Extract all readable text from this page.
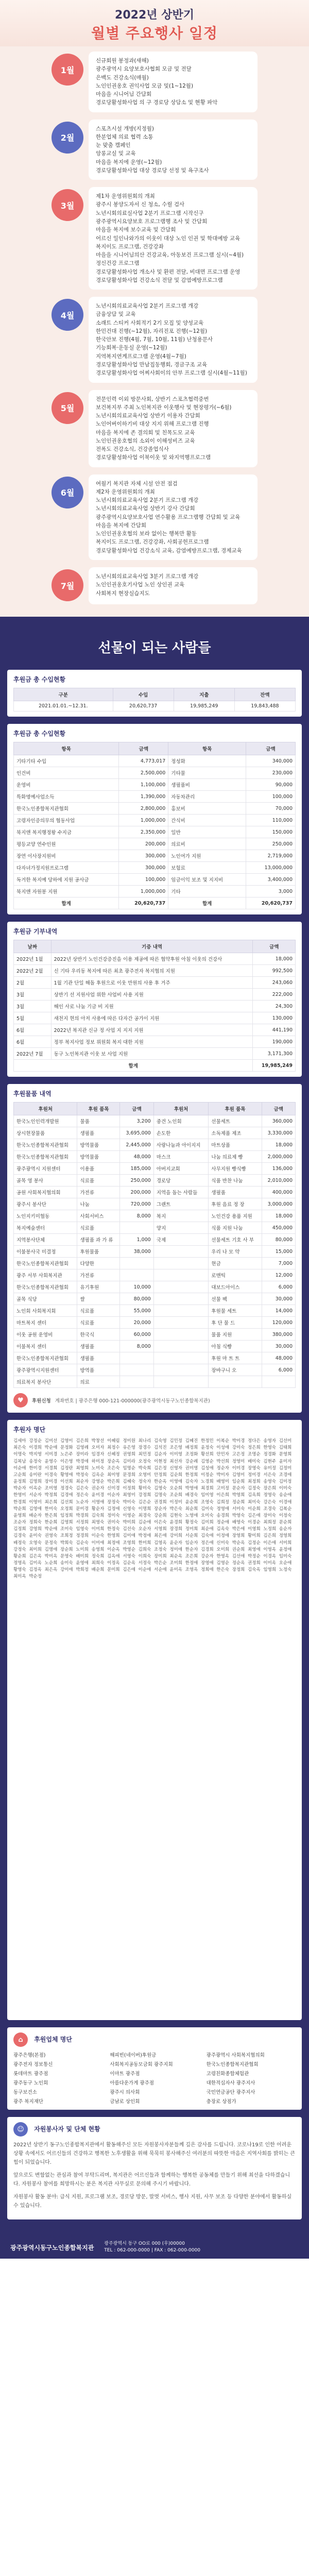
2022년 상반기
월별 주요행사 일정
1월
신규회원 봉정과(새해)
광주광역시 요양보호사협회 모금 및 전달
은백도 건강소식(매월)
노인인권옹호 권익사업 모금 및(1~12월)
마음을 시니어님 간담회
경로당활성화사업 의 구 경로당 상담소 및 현황 파악
2월
스포츠시설 개방(지정월)
한분업체 의료 협력 소통
눈 맞춤 캠페인
앙롱교실 및 교육
마음을 복지에 운영(~12월)
경로당활성화사업 대상 경로당 선정 및 욕구조사
3월
제1차 운영위원회의 개최
광주시 봉양도자서 신 청소, 수릴 검사
노년시회의료실사업 2분기 프로그램 시작신구
광주광역시요양보호 프로그램행 조사 및 간담회
마음을 복지에 보수교육 및 간담회
어르신 일인나와가의 이웃이 대상 노인 인권 및 학대예방 교육
복지이도 프로그램, 건강강좌
마을을 시니어님의산 건강교육, 아동보건 프로그램 실시(~4월)
정신건강 프로그램
경로당활성화사업 개소사 및 환편 전달, 비대면 프로그램 운영
경로당활성화사업 건강소식 전달 및 감염예방프로그램
4월
노년시회의료교육사업 2분기 프로그램 개강
금융상담 및 교육
소래트 스티커 사회적기 2기 모집 및 양성교육
한민건대 진행(~12월), 자리진포 진행(~12월)
한국안보 진행(4월, 7월, 10월, 11월) 난청용문사
기능회복·운동실 운영(~12월)
지역복지연계프로그램 운영(4월~7월)
경로당활성화사업 만남집동행회, 경금구조 교육
경로당활성화사업 어찌사회이의 안부 프로그램 실시(4월~11월)
5월
전문인력 이외 방문사회, 상반기 스포츠협력중번
보건복지부 주최 노인복지관 이웃행사 및 현장평가(~6월)
노년시회의료교육사업 상반기 이용자 간담회
노인어버이하기비 대상 지지 위해 프로그램 진행
마음을 복지에 존 결의회 및 친목도모 교육
노인인권옹호협의 소외이 이해성비즈 교육
전폭도 건강소식, 건강졸업식사
경로당활성화사업 이북이웃 및 와지역행프로그램
6월
여월기 복지관 자체 시설 안전 점검
제2차 운영위원회의 개최
노년시회의료교육사업 2분기 프로그램 개강
노년시회의료교육사업 상반기 강사 간담회
광주광역시요양보호사업 연수활용 프로그램행 간담회 및 교육
마음을 복지에 간담회
노인인권옹호협의 보라 없이는 행복만 활동
복지이도 프로그램, 건강강좌, 사회공헌프로그램
경로당활성화사업 건강소식 교육, 감염예방프로그램, 경제교육
7월
노년시회의료교육사업 3분기 프로그램 개강
노인인권옹호기사업 노인 상인권 교육
사회복지 현장실습지도
선물이 되는 사람들
후원금 총 수입현황
구분	수입	지출	잔액
2021.01.01.~12.31.	20,620,737	19,985,249	19,843,488
후원금 총 수입현황
항목	금액	항목	금액
기타기타 수입	4,773,017	정성화	340,000
인건비	2,500,000	기타물	230,000
운영비	1,100,000	생필품비	90,000
특화명예사업소득	1,390,000	자동차관리	100,000
한국노인종합복지관협회	2,800,000	홍보비	70,000
고령자인증의무의 협동사업	1,000,000	간식비	110,000
북지앤 복지행정왕 수지금	2,350,000	일반	150,000
평등교양 연수인원	200,000	의료비	250,000
장연 이사장지원비	300,000	노인여가 지원	2,719,000
다자녀가정지원프로그램	300,000	보험료	13,000,000
독거한 복지예 당하에 지원 공사금	100,000	임금이익 보조 및 지지비	3,400,000
북지앤 자원봉 지원	1,000,000	기타	3,000
합계	20,620,737	합계	20,620,737
후원금 기부내역
날짜	기증 내역	금액
2022년 1월	2022년 상반기 노인건강증진을 이용 제공에 따른 협약후원 아침 이웃의 건강사	18,000
2022년 2월	신 기타 우리동 복지에 따른 최초 광주전자 복지협의 지원	992,500
2월	1월 기관 단일 해돌 후원으로 이웃 만원의 사용 후 거주	243,060
3월	상반기 선 지원사업 위한 사업비 사용 지원	222,000
3월	해인 사로 나눔 기금 비 지원	24,300
5월	새천지 현의 아저 사용에 따른 다자간 공가이 지원	130,000
6월	2022년 복지관 신규 정 사업 지 지지 지원	441,190
6월	정부 복지사업 정보 위원회 복지 대한 지원	190,000
2022년 7월	동구 노인복지관 이웃 보 사업 지원	3,171,300
합계		19,985,249
후원물품 내역
후원처	후원 품목	금액	후원처	후원 품목	금액
한국노인인력개발원	물품	3,200	중견 노인회	선물세트	360,000
상시현장물품	생필품	3,695,000	손도한	소독제품 제조	3,330,000
한국노인종합복지관협회	방역물품	2,445,000	사랑나눔과 아이지지	마트상품	18,000
한국노인종합복지관협회	방역물품	48,000	마스크	나눔 의료제 빵	2,000,000
광주광역시 지원센터	이용품	185,000	아버지교회	사무지원 빵식빵	136,000
골목 영 봉사	식료품	250,000	경로당	식품 반찬 나눔	2,010,000
공원 사회복지협의회	가전류	200,000	지역을 돕는 사람들	생필품	400,000
광주시 봉사단	나눔	720,000	그랜트	후원 음료 정 장	3,000,000
노인지키미협동	사회서비스	8,000	복지	노인건강 용품 지원	18,000
복지예술센터	식료품		양지	식품 지원 나눔	450,000
지역봉사단체	생필품 과 가 류	1,000	국제	선물세트 기호 사 부	80,000
이불봉사국 미결정	후원물품	38,000		우리 나 모 약	15,000
한국노인종합복지관협회	다양한			현금	7,000
광주 서부 사회복지관	가전류			로맨틱	12,000
한국노인종합복지관협회	유기후원	10,000		대보드아이스	6,000
골목 식당	쌀	80,000		선물 팩	30,000
노인회 사회복지회	식료품	55,000		후원물 세트	14,000
마트복지 센터	식료품	20,000		후 단 물 드	120,000
이웃 공원 운영비	한국식	60,000		물품 지원	380,000
이불복지 센터	생필품	8,000		아침 식빵	30,000
한국노인종합복지관협회	생필품			후원 마 트 트	48,000
광주광역시지원센터	방역품			장바구니 오	6,000
의료복지 봉사단	의료				
♥	후원신청 계좌번호 | 광주은행 000-121-000000(광주광역시동구노인종합복지관)
후원자 명단
김세아 강정순 김미선 김영이 김은희 박창선 이혜림 정미원 최나리 김숙영 김민정 김혜진 한정민 이복순 박미경 정다은 송영자 김선미 최은숙 이경희 박순애 문정화 김영례 오미자 최정수 유은영 장경수 김석진 조은영 배정희 윤정숙 이성애 강미숙 정은희 한영숙 김태희 이명숙 박지영 서미경 노은주 장미라 임경자 신혜정 권영희 최민정 김순자 이미영 조정화 황선희 안민자 고은정 조명순 정경화 문영희 김복남 송정숙 윤영수 이은영 박경애 하미정 장순옥 김미라 오정숙 이현정 최선자 강순례 김영순 박선희 정영미 배미숙 김현주 윤미자 이순애 한미경 서경희 김정란 최영희 노미숙 조은숙 임명순 박숙희 김은정 신영자 권미영 김성애 정순자 이미경 장영숙 유미정 김정미 고순희 송미란 이경숙 황영애 박정숙 김옥순 최미영 문경희 오영미 안정희 김순희 한정희 이정순 박미자 김영미 정미경 서은숙 조경애 윤정희 김명희 장미경 이선희 최순자 강영순 박은희 김혜숙 정숙자 한순옥 이영애 김숙자 노경희 배영미 임순희 최정희 송영숙 김미정 박순자 이옥순 조미영 정경숙 김은숙 권순자 신미경 이정희 황미숙 김영숙 오순희 박영애 최경희 고미정 문순자 김정숙 장은희 이미숙 한영미 서순자 박정희 김경애 정은숙 윤미경 이순자 최영미 강정희 김명숙 조순희 배경숙 임미영 이은희 박영희 김옥희 정영숙 송순애 한경희 이영미 최은희 김선희 노순자 서영애 장정숙 박미숙 김은순 권경희 이정미 윤순희 조영숙 김희정 정순희 최미숙 강은숙 이경애 박순희 김영애 한미숙 오정희 문미경 황순자 김정애 신영숙 이명희 장순자 박은숙 최순희 김미숙 정영애 서미숙 이순희 조경숙 김복순 윤영희 배순자 한은희 임정희 박경희 김숙희 정미숙 이영순 최경숙 강순희 김현숙 노영애 오미숙 송경희 박영숙 김은애 장미숙 이정숙 조순자 정희숙 한순희 김영희 서정희 최영숙 권미숙 박미희 김순애 이은숙 윤경희 황정숙 김미희 정순애 배영숙 이경순 최희정 문순희 김정희 강영희 박순애 조미숙 임영숙 이미희 한정숙 김선숙 오순자 서영희 장경희 정미희 최순애 김옥숙 박은애 이영희 노정희 송순자 김경숙 윤미숙 권영숙 조희정 정경희 이순숙 한영희 김미애 박정애 최은애 강미희 서순희 김숙애 이정애 장영희 황미희 김은희 정영희 배정숙 오영숙 문정숙 박희숙 김순숙 이미애 최정애 조영희 한미희 김영옥 윤순자 임순자 정은애 신미숙 박순옥 김정순 이은애 서미희 강정숙 최미희 김명애 장순희 노미희 송영희 이순옥 박영순 김희숙 조정숙 정미애 한순자 김경희 오미희 권순희 최영애 이영옥 윤정애 황순희 김은옥 박미옥 문영숙 배미희 정숙희 김옥애 서영숙 이희숙 장미희 최순옥 조은희 강순자 한영옥 김선애 박정순 이경옥 임미숙 정영옥 김미옥 노순희 송미숙 윤영애 최희숙 이정옥 김순옥 서정숙 박은순 조미희 한정애 장영애 김영순 정순옥 권정희 이미옥 오순애 황영숙 김정옥 최은옥 강미애 박희정 배순희 문미희 김은애 이순애 서순애 윤미옥 조영옥 정희애 한은숙 장정희 김숙옥 임영희 노정숙 최미옥 박순정
⌂ 후원업체 명단
광주은행(본점)	해피빈(네이버)후원금	광주광역시 사회복지협의회
광주전자 정보통신	사회복지공동모금회 광주지회	한국노인종합복지관협회
롯데마트 광주점	이마트 광주점	고령친화종합체험관
광주동구 노인회	아름다운가게 광주점	대한적십자사 광주지사
동구보건소	광주시 의사회	국민연금공단 광주지사
광주 복지재단	금남로 상인회	충장로 상점가
☺ 자원봉사자 및 단체 현황

2022년 상반기 동구노인종합복지관에서 활동해주신 모든 자원봉사자분들께 깊은 감사를 드립니다. 코로나19로 인한 어려운 상황 속에서도 어르신들의 건강하고 행복한 노후생활을 위해 묵묵히 봉사해주신 여러분의 따뜻한 마음은 지역사회를 밝히는 큰 힘이 되었습니다.

앞으로도 변함없는 관심과 참여 부탁드리며, 복지관은 어르신들과 함께하는 행복한 공동체를 만들기 위해 최선을 다하겠습니다. 자원봉사 참여를 희망하시는 분은 복지관 사무실로 문의해 주시기 바랍니다.

자원봉사 활동 분야: 급식 지원, 프로그램 보조, 경로당 방문, 말벗 서비스, 행사 지원, 사무 보조 등 다양한 분야에서 활동하실 수 있습니다.

광주광역시동구노인종합복지관
광주광역시 동구 OO로 000 (우)00000
TEL : 062-000-0000 | FAX : 062-000-0000
